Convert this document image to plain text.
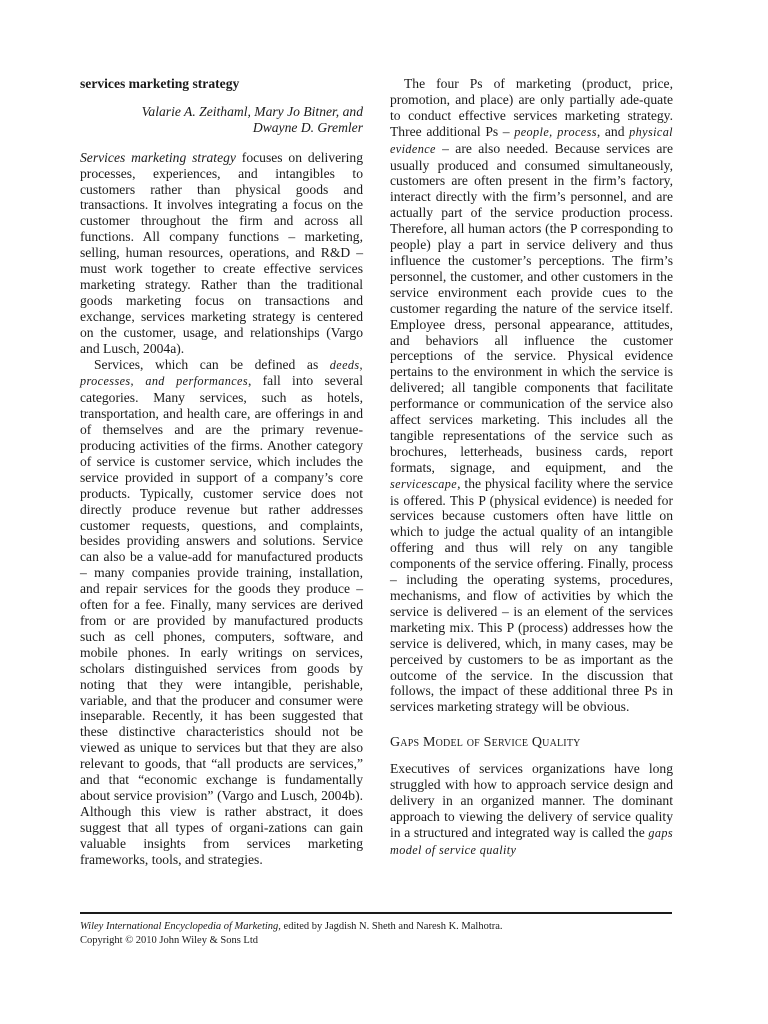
services marketing strategy
Valarie A. Zeithaml, Mary Jo Bitner, and
Dwayne D. Gremler

Services marketing strategy focuses on delivering processes, experiences, and intangibles to customers rather than physical goods and transactions. It involves integrating a focus on the customer throughout the firm and across all functions. All company functions – marketing, selling, human resources, operations, and R&D – must work together to create effective services marketing strategy. Rather than the traditional goods marketing focus on transactions and exchange, services marketing strategy is centered on the customer, usage, and relationships (Vargo and Lusch, 2004a).

Services, which can be defined as deeds, processes, and performances, fall into several categories. Many services, such as hotels, transportation, and health care, are offerings in and of themselves and are the primary revenue-producing activities of the firms. Another category of service is customer service, which includes the service provided in support of a company’s core products. Typically, customer service does not directly produce revenue but rather addresses customer requests, questions, and complaints, besides providing answers and solutions. Service can also be a value-add for manufactured products – many companies provide training, installation, and repair services for the goods they produce – often for a fee. Finally, many services are derived from or are provided by manufactured products such as cell phones, computers, software, and mobile phones. In early writings on services, scholars distinguished services from goods by noting that they were intangible, perishable, variable, and that the producer and consumer were inseparable. Recently, it has been suggested that these distinctive characteristics should not be viewed as unique to services but that they are also relevant to goods, that “all products are services,” and that “economic exchange is fundamentally about service provision” (Vargo and Lusch, 2004b). Although this view is rather abstract, it does suggest that all types of organi-zations can gain valuable insights from services marketing frameworks, tools, and strategies.

The four Ps of marketing (product, price, promotion, and place) are only partially ade-quate to conduct effective services marketing strategy. Three additional Ps – people, process, and physical evidence – are also needed. Because services are usually produced and consumed simultaneously, customers are often present in the firm’s factory, interact directly with the firm’s personnel, and are actually part of the service production process. Therefore, all human actors (the P corresponding to people) play a part in service delivery and thus influence the customer’s perceptions. The firm’s personnel, the customer, and other customers in the service environment each provide cues to the customer regarding the nature of the service itself. Employee dress, personal appearance, attitudes, and behaviors all influence the customer perceptions of the service. Physical evidence pertains to the environment in which the service is delivered; all tangible components that facilitate performance or communication of the service also affect services marketing. This includes all the tangible representations of the service such as brochures, letterheads, business cards, report formats, signage, and equipment, and the servicescape, the physical facility where the service is offered. This P (physical evidence) is needed for services because customers often have little on which to judge the actual quality of an intangible offering and thus will rely on any tangible components of the service offering. Finally, process – including the operating systems, procedures, mechanisms, and flow of activities by which the service is delivered – is an element of the services marketing mix. This P (process) addresses how the service is delivered, which, in many cases, may be perceived by customers to be as important as the outcome of the service. In the discussion that follows, the impact of these additional three Ps in services marketing strategy will be obvious.

Gaps Model of Service Quality

Executives of services organizations have long struggled with how to approach service design and delivery in an organized manner. The dominant approach to viewing the delivery of service quality in a structured and integrated way is called the gaps model of service quality

Wiley International Encyclopedia of Marketing, edited by Jagdish N. Sheth and Naresh K. Malhotra.

Copyright © 2010 John Wiley & Sons Ltd
